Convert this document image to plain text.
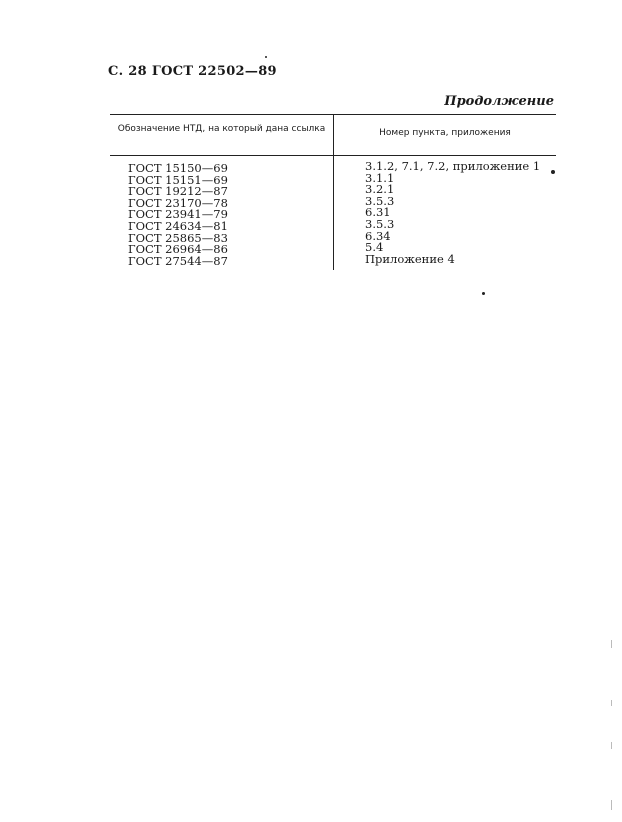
С. 28 ГОСТ 22502—89
Продолжение
Обозначение НТД, на который дана ссылка	Номер пункта, приложения
ГОСТ 15150—69
ГОСТ 15151—69
ГОСТ 19212—87
ГОСТ 23170—78
ГОСТ 23941—79
ГОСТ 24634—81
ГОСТ 25865—83
ГОСТ 26964—86
ГОСТ 27544—87
3.1.2, 7.1, 7.2, приложение 1
3.1.1
3.2.1
3.5.3
6.31
3.5.3
6.34
5.4
Приложение 4
